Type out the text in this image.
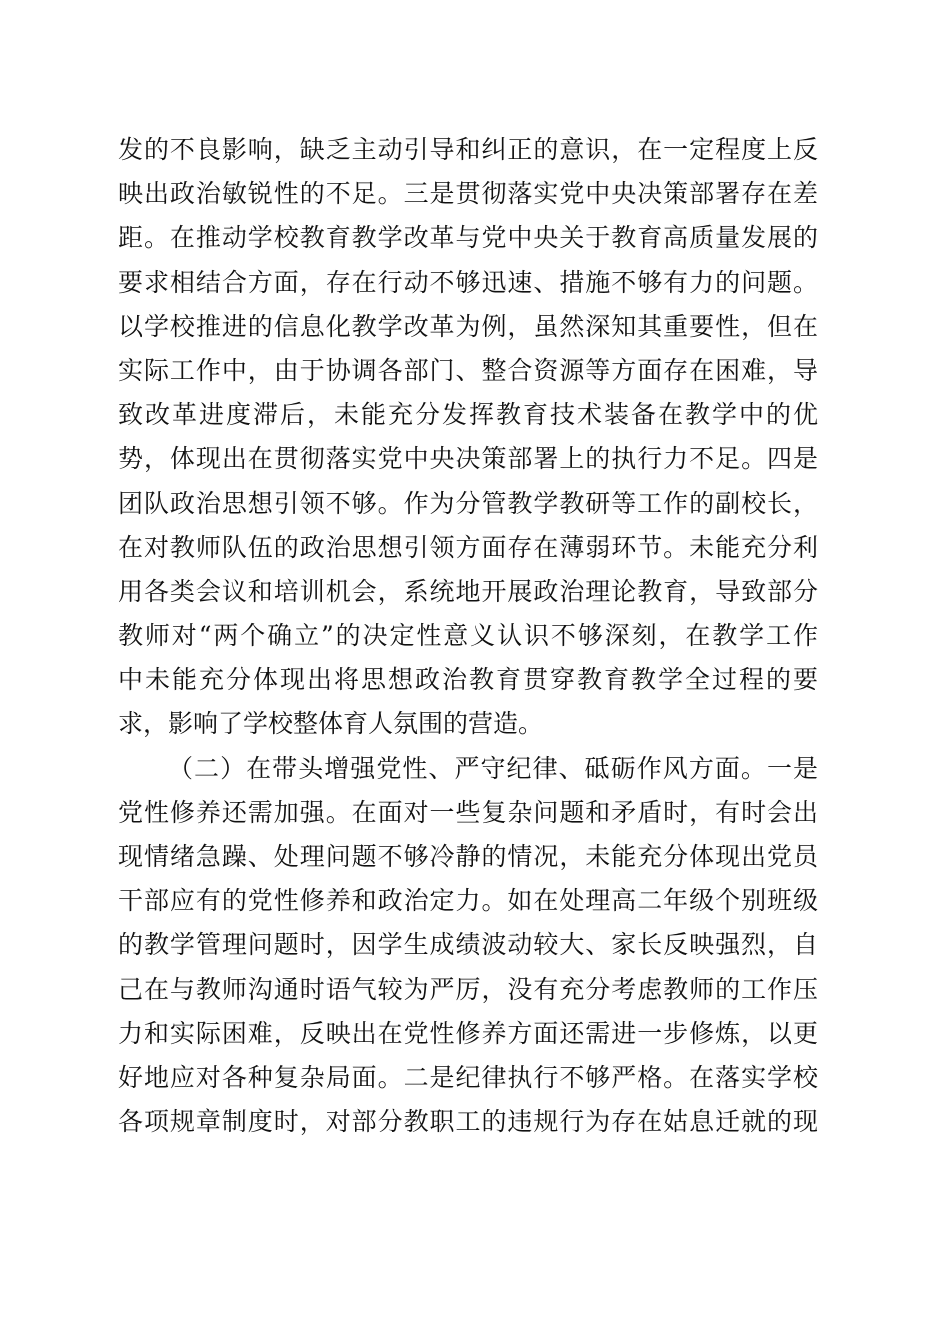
发的不良影响，缺乏主动引导和纠正的意识，在一定程度上反
映出政治敏锐性的不足。三是贯彻落实党中央决策部署存在差
距。在推动学校教育教学改革与党中央关于教育高质量发展的
要求相结合方面，存在行动不够迅速、措施不够有力的问题。
以学校推进的信息化教学改革为例，虽然深知其重要性，但在
实际工作中，由于协调各部门、整合资源等方面存在困难，导
致改革进度滞后，未能充分发挥教育技术装备在教学中的优
势，体现出在贯彻落实党中央决策部署上的执行力不足。四是
团队政治思想引领不够。作为分管教学教研等工作的副校长，
在对教师队伍的政治思想引领方面存在薄弱环节。未能充分利
用各类会议和培训机会，系统地开展政治理论教育，导致部分
教师对“两个确立”的决定性意义认识不够深刻，在教学工作
中未能充分体现出将思想政治教育贯穿教育教学全过程的要
求，影响了学校整体育人氛围的营造。
（二）在带头增强党性、严守纪律、砥砺作风方面。一是
党性修养还需加强。在面对一些复杂问题和矛盾时，有时会出
现情绪急躁、处理问题不够冷静的情况，未能充分体现出党员
干部应有的党性修养和政治定力。如在处理高二年级个别班级
的教学管理问题时，因学生成绩波动较大、家长反映强烈，自
己在与教师沟通时语气较为严厉，没有充分考虑教师的工作压
力和实际困难，反映出在党性修养方面还需进一步修炼，以更
好地应对各种复杂局面。二是纪律执行不够严格。在落实学校
各项规章制度时，对部分教职工的违规行为存在姑息迁就的现
